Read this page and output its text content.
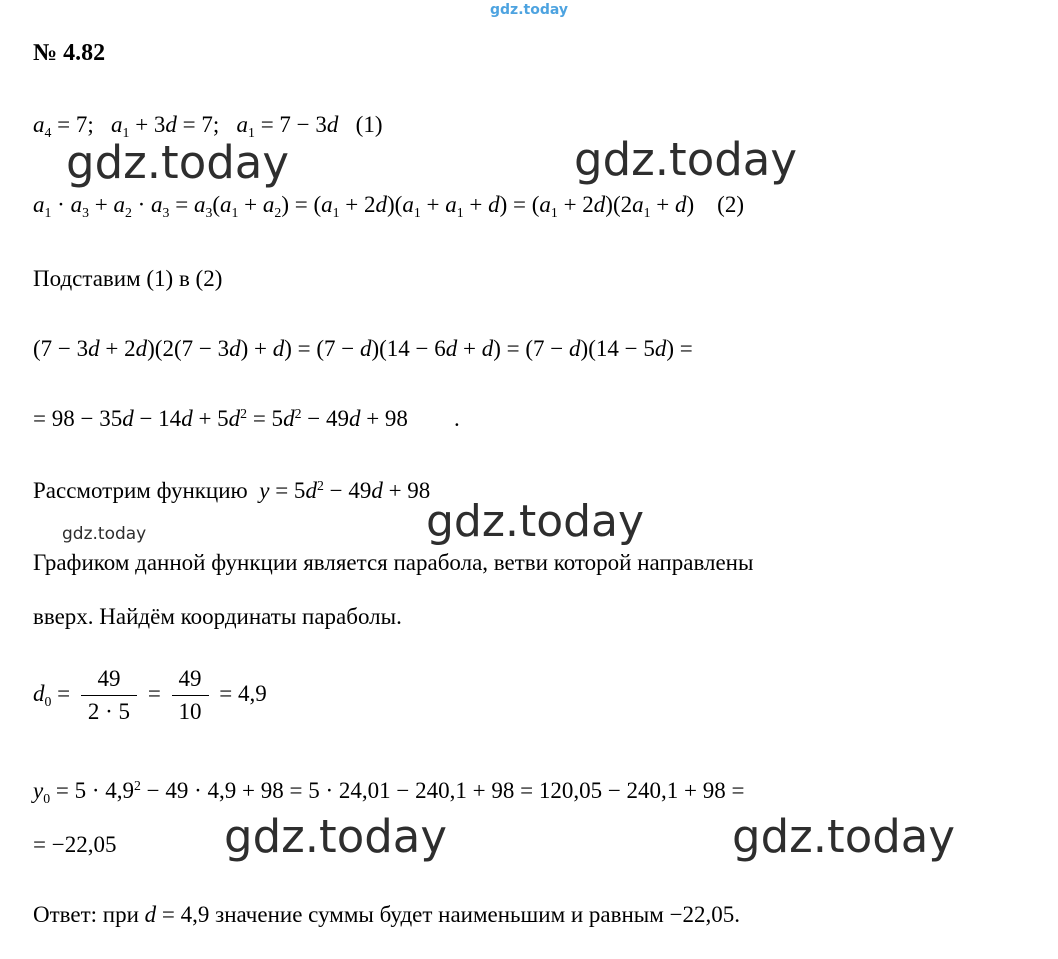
gdz.today
gdz.today	gdz.today
gdz.today	gdz.today
gdz.today	gdz.today
№ 4.82
$a_4 = 7$;   $a_1 + 3d = 7$;   $a_1 = 7 - 3d$   (1)
$a_1 \cdot a_3 + a_2 \cdot a_3 = a_3(a_1 + a_2) = (a_1 + 2d)(a_1 + a_1 + d) = (a_1 + 2d)(2a_1 + d)$    (2)
Подставим (1) в (2)
(7 − 3d + 2d)(2(7 − 3d) + d) = (7 − d)(14 − 6d + d) = (7 − d)(14 − 5d) =
= $98 - 35d - 14d + 5d^2 = 5d^2 - 49d + 98$        .
Рассмотрим функцию  $y = 5d^2 - 49d + 98$
Графиком данной функции является парабола, ветви которой направлены
вверх. Найдём координаты параболы.
$d_0 = \frac{49}{2 \cdot 5} = \frac{49}{10} = 4,9$
$y_0 = 5 \cdot 4,9^2 - 49 \cdot 4,9 + 98 = 5 \cdot 24,01 - 240,1 + 98 = 120,05 - 240,1 + 98$ =
= −22,05
Ответ: при d = 4,9 значение суммы будет наименьшим и равным −22,05.
